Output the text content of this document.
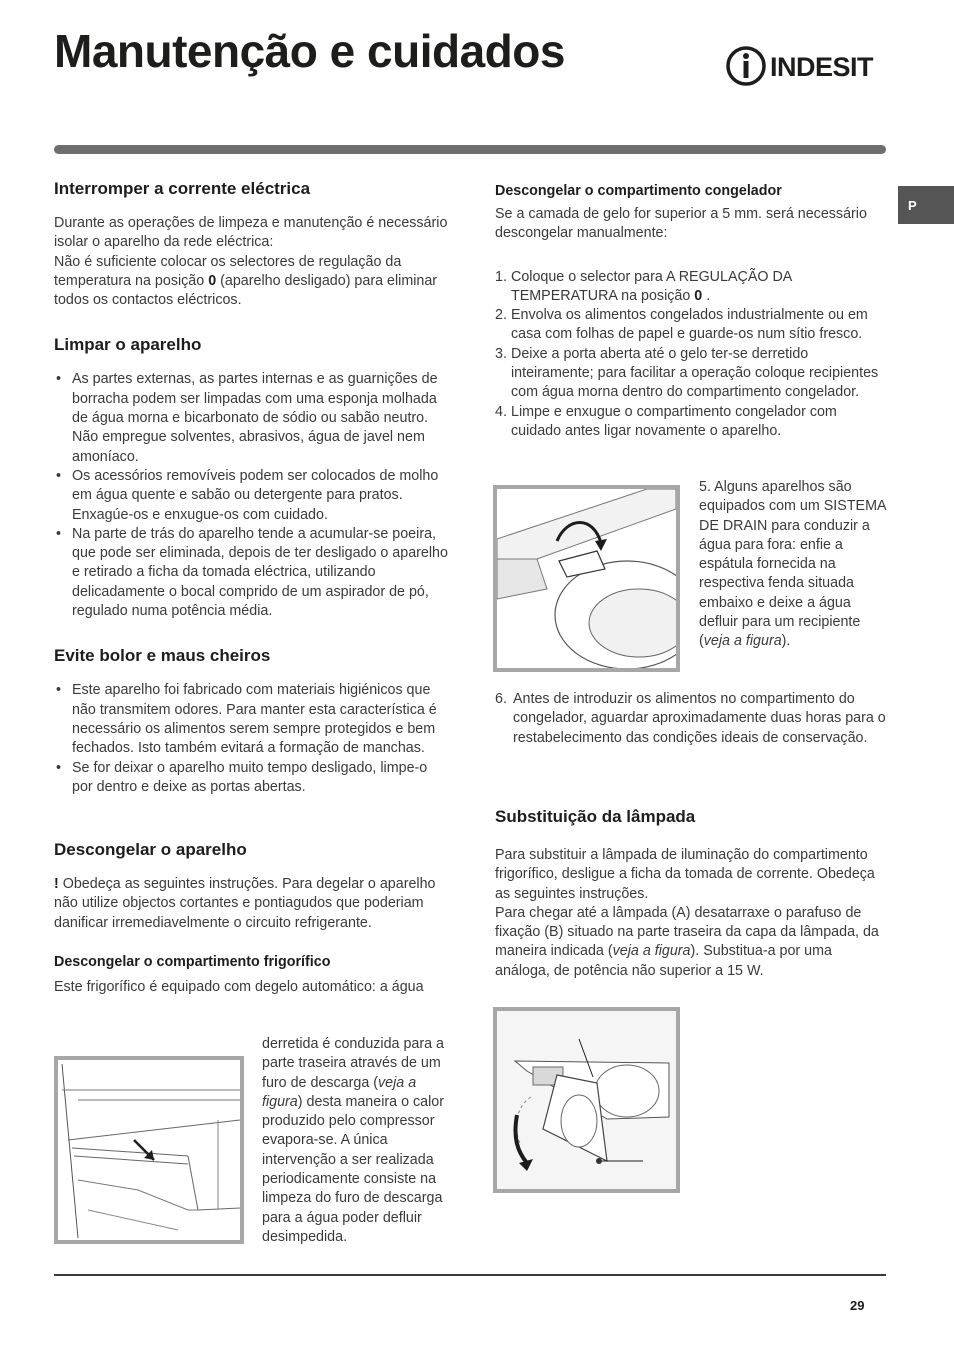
Manutenção e cuidados	INDESIT
P
Interromper a corrente eléctrica

Durante as operações de limpeza e manutenção é necessário isolar o aparelho da rede eléctrica:

Não é suficiente colocar os selectores de regulação da temperatura na posição 0 (aparelho desligado) para eliminar todos os contactos eléctricos.

Limpar o aparelho
• As partes externas, as partes internas e as guarnições de borracha podem ser limpadas com uma esponja molhada de água morna e bicarbonato de sódio ou sabão neutro. Não empregue solventes, abrasivos, água de javel nem amoníaco.
• Os acessórios removíveis podem ser colocados de molho em água quente e sabão ou detergente para pratos. Enxagúe-os e enxugue-os com cuidado.
• Na parte de trás do aparelho tende a acumular-se poeira, que pode ser eliminada, depois de ter desligado o aparelho e retirado a ficha da tomada eléctrica, utilizando delicadamente o bocal comprido de um aspirador de pó, regulado numa potência média.
Evite bolor e maus cheiros
• Este aparelho foi fabricado com materiais higiénicos que não transmitem odores. Para manter esta característica é necessário os alimentos serem sempre protegidos e bem fechados. Isto também evitará a formação de manchas.
• Se for deixar o aparelho muito tempo desligado, limpe-o por dentro e deixe as portas abertas.
Descongelar o aparelho

! Obedeça as seguintes instruções. Para degelar o aparelho não utilize objectos cortantes e pontiagudos que poderiam danificar irremediavelmente o circuito refrigerante.

Descongelar o compartimento frigorífico

Este frigorífico é equipado com degelo automático: a água

derretida é conduzida para a parte traseira através de um furo de descarga (veja a figura) desta maneira o calor produzido pelo compressor evapora-se. A única intervenção a ser realizada periodicamente consiste na limpeza do furo de descarga para a água poder defluir desimpedida.
Descongelar o compartimento congelador

Se a camada de gelo for superior a 5 mm. será necessário descongelar manualmente:

1. Coloque o selector para A REGULAÇÃO DA TEMPERATURA na posição 0 .
2. Envolva os alimentos congelados industrialmente ou em casa com folhas de papel e guarde-os num sítio fresco.
3. Deixe a porta aberta até o gelo ter-se derretido inteiramente; para facilitar a operação coloque recipientes com água morna dentro do compartimento congelador.
4. Limpe e enxugue o compartimento congelador com cuidado antes ligar novamente o aparelho.
5. Alguns aparelhos são equipados com um SISTEMA DE DRAIN para conduzir a água para fora: enfie a espátula fornecida na respectiva fenda situada embaixo e deixe a água defluir para um recipiente (veja a figura).
6. Antes de introduzir os alimentos no compartimento do congelador, aguardar aproximadamente duas horas para o restabelecimento das condições ideais de conservação.
Substituição da lâmpada

Para substituir a lâmpada de iluminação do compartimento frigorífico, desligue a ficha da tomada de corrente. Obedeça as seguintes instruções.

Para chegar até a lâmpada (A) desatarraxe o parafuso de fixação (B) situado na parte traseira da capa da lâmpada, da maneira indicada (veja a figura). Substitua-a por uma análoga, de potência não superior a 15 W.

29
